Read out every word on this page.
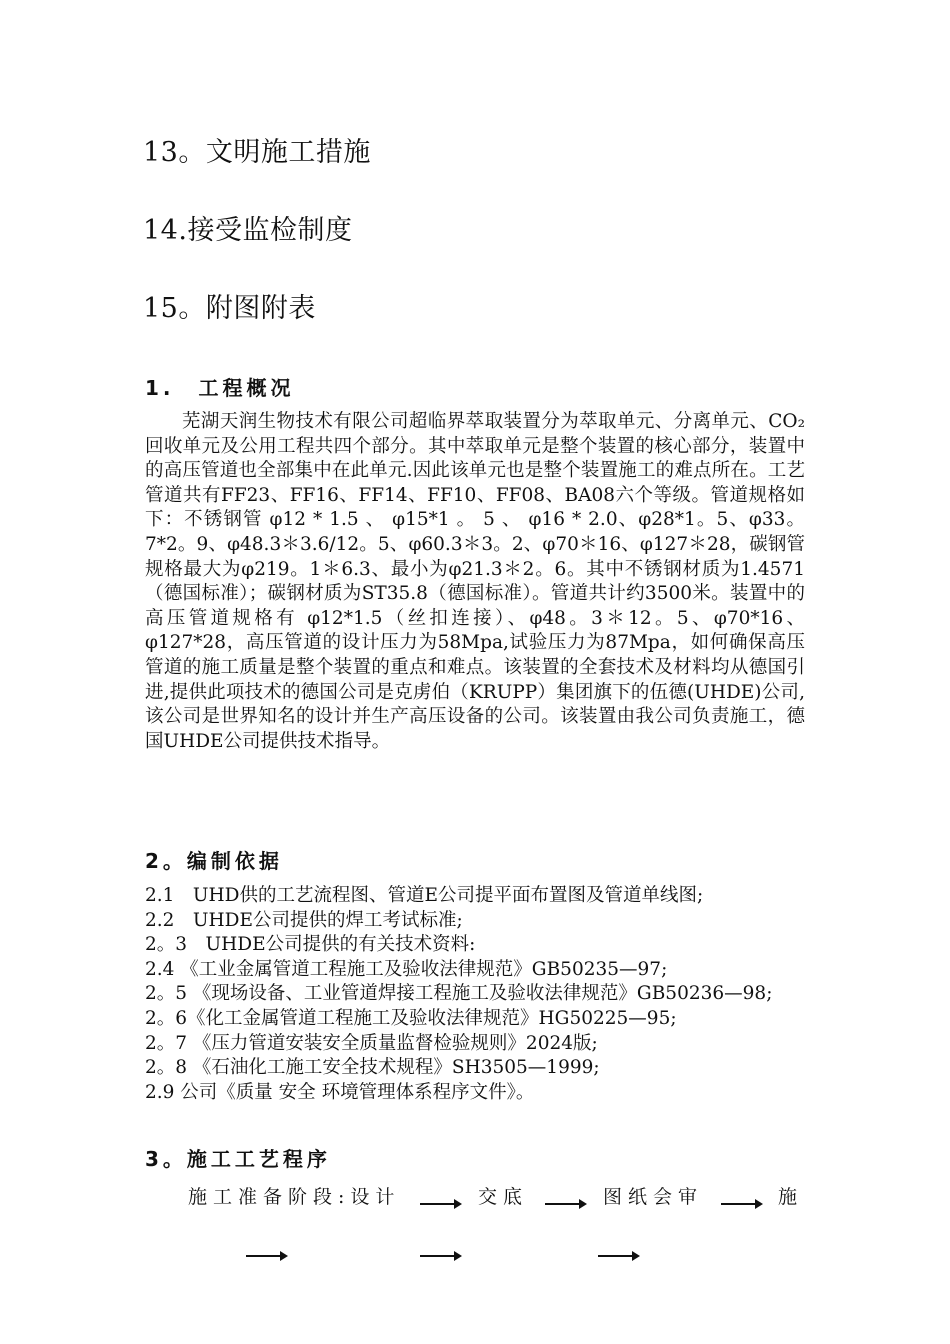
13。文明施工措施
14.接受监检制度
15。附图附表
1.　工程概况

芜湖天润生物技术有限公司超临界萃取装置分为萃取单元、分离单元、CO₂回收单元及公用工程共四个部分。其中萃取单元是整个装置的核心部分，装置中的高压管道也全部集中在此单元.因此该单元也是整个装置施工的难点所在。工艺管道共有FF23、FF16、FF14、FF10、FF08、BA08六个等级。管道规格如下：不锈钢管 φ12 * 1.5 、 φ15*1 。 5 、 φ16 * 2.0、φ28*1。5、φ33。7*2。9、φ48.3＊3.6/12。5、φ60.3＊3。2、φ70＊16、φ127＊28，碳钢管规格最大为φ219。1＊6.3、最小为φ21.3＊2。6。其中不锈钢材质为1.4571（德国标准）；碳钢材质为ST35.8（德国标准）。管道共计约3500米。装置中的高压管道规格有 φ12*1.5（丝扣连接）、φ48。3＊12。5、φ70*16、φ127*28，高压管道的设计压力为58Mpa,试验压力为87Mpa，如何确保高压管道的施工质量是整个装置的重点和难点。该装置的全套技术及材料均从德国引进,提供此项技术的德国公司是克虏伯（KRUPP）集团旗下的伍德(UHDE)公司,该公司是世界知名的设计并生产高压设备的公司。该装置由我公司负责施工，德国UHDE公司提供技术指导。

2。编制依据

2.1　UHD供的工艺流程图、管道E公司提平面布置图及管道单线图;

2.2　UHDE公司提供的焊工考试标准;

2。3　UHDE公司提供的有关技术资料:

2.4 《工业金属管道工程施工及验收法律规范》GB50235—97;

2。5 《现场设备、工业管道焊接工程施工及验收法律规范》GB50236—98;

2。6《化工金属管道工程施工及验收法律规范》HG50225—95;

2。7 《压力管道安装安全质量监督检验规则》2024版;

2。8 《石油化工施工安全技术规程》SH3505—1999;

2.9 公司《质量 安全 环境管理体系程序文件》。

3。施工工艺程序
施工准备阶段:设计	交底	图纸会审	施
